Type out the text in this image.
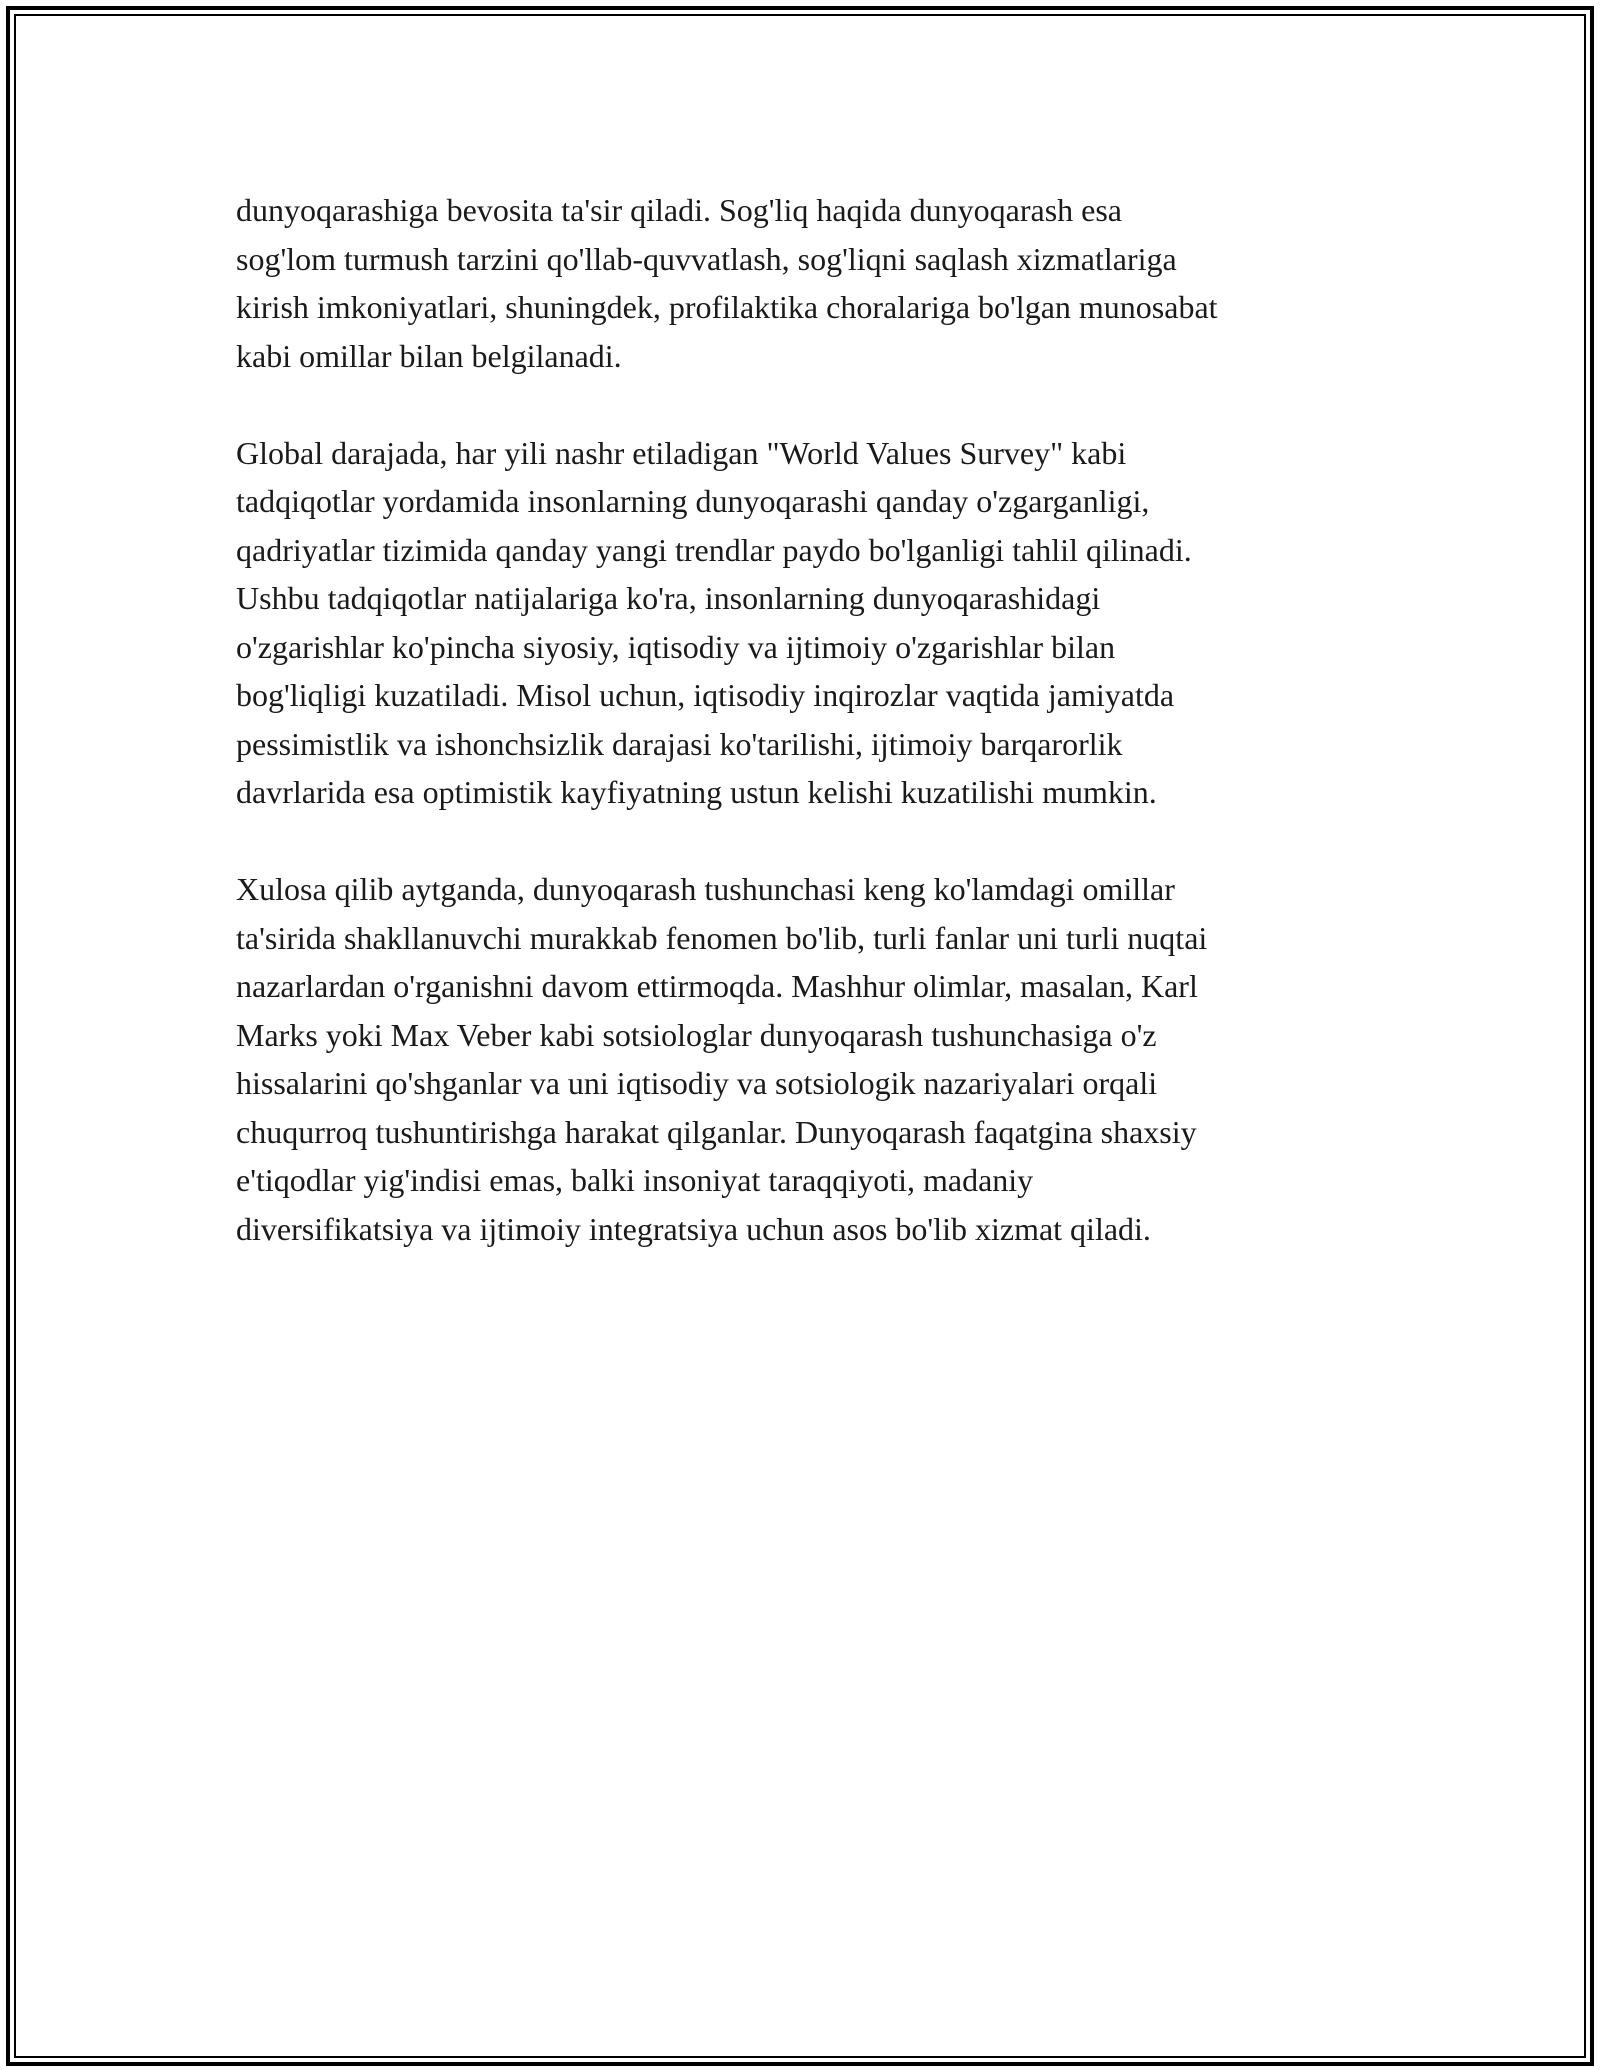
dunyoqarashiga bevosita ta'sir qiladi. Sog'liq haqida dunyoqarash esa
sog'lom turmush tarzini qo'llab-quvvatlash, sog'liqni saqlash xizmatlariga
kirish imkoniyatlari, shuningdek, profilaktika choralariga bo'lgan munosabat
kabi omillar bilan belgilanadi.

Global darajada, har yili nashr etiladigan "World Values Survey" kabi
tadqiqotlar yordamida insonlarning dunyoqarashi qanday o'zgarganligi,
qadriyatlar tizimida qanday yangi trendlar paydo bo'lganligi tahlil qilinadi.
Ushbu tadqiqotlar natijalariga ko'ra, insonlarning dunyoqarashidagi
o'zgarishlar ko'pincha siyosiy, iqtisodiy va ijtimoiy o'zgarishlar bilan
bog'liqligi kuzatiladi. Misol uchun, iqtisodiy inqirozlar vaqtida jamiyatda
pessimistlik va ishonchsizlik darajasi ko'tarilishi, ijtimoiy barqarorlik
davrlarida esa optimistik kayfiyatning ustun kelishi kuzatilishi mumkin.

Xulosa qilib aytganda, dunyoqarash tushunchasi keng ko'lamdagi omillar
ta'sirida shakllanuvchi murakkab fenomen bo'lib, turli fanlar uni turli nuqtai
nazarlardan o'rganishni davom ettirmoqda. Mashhur olimlar, masalan, Karl
Marks yoki Max Veber kabi sotsiologlar dunyoqarash tushunchasiga o'z
hissalarini qo'shganlar va uni iqtisodiy va sotsiologik nazariyalari orqali
chuqurroq tushuntirishga harakat qilganlar. Dunyoqarash faqatgina shaxsiy
e'tiqodlar yig'indisi emas, balki insoniyat taraqqiyoti, madaniy
diversifikatsiya va ijtimoiy integratsiya uchun asos bo'lib xizmat qiladi.
